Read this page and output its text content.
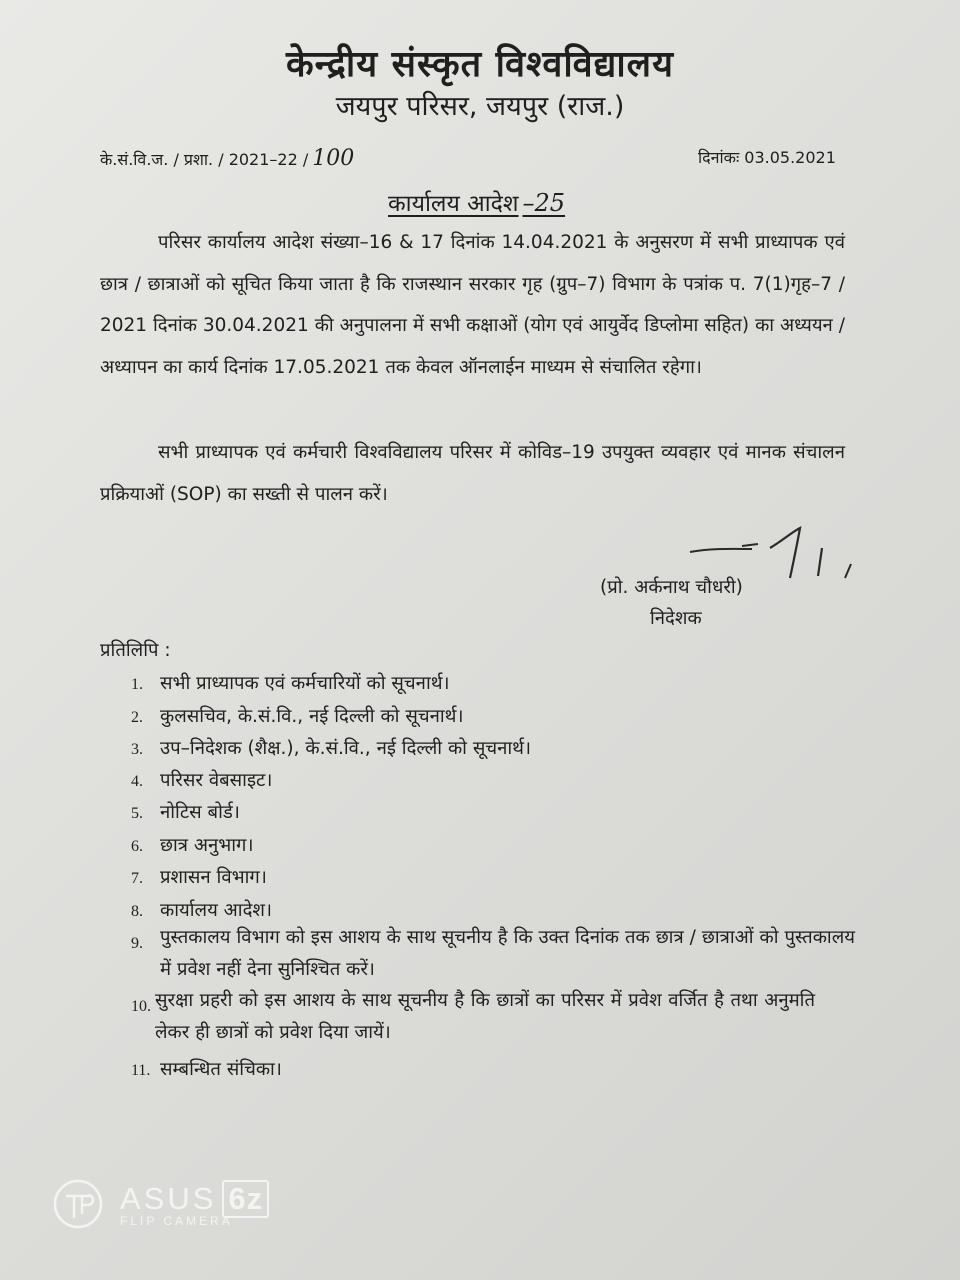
केन्द्रीय संस्कृत विश्वविद्यालय
जयपुर परिसर, जयपुर (राज.)
के.सं.वि.ज. / प्रशा. / 2021–22 / 100	दिनांकः 03.05.2021
कार्यालय आदेश –25
परिसर कार्यालय आदेश संख्या–16 & 17 दिनांक 14.04.2021 के अनुसरण में सभी प्राध्यापक एवं छात्र / छात्राओं को सूचित किया जाता है कि राजस्थान सरकार गृह (ग्रुप–7) विभाग के पत्रांक प. 7(1)गृह–7 / 2021 दिनांक 30.04.2021 की अनुपालना में सभी कक्षाओं (योग एवं आयुर्वेद डिप्लोमा सहित) का अध्ययन / अध्यापन का कार्य दिनांक 17.05.2021 तक केवल ऑनलाईन माध्यम से संचालित रहेगा।
सभी प्राध्यापक एवं कर्मचारी विश्वविद्यालय परिसर में कोविड–19 उपयुक्त व्यवहार एवं मानक संचालन प्रक्रियाओं (SOP) का सख्ती से पालन करें।
(प्रो. अर्कनाथ चौधरी)
निदेशक
प्रतिलिपि :
1. सभी प्राध्यापक एवं कर्मचारियों को सूचनार्थ।
2. कुलसचिव, के.सं.वि., नई दिल्ली को सूचनार्थ।
3. उप–निदेशक (शैक्ष.), के.सं.वि., नई दिल्ली को सूचनार्थ।
4. परिसर वेबसाइट।
5. नोटिस बोर्ड।
6. छात्र अनुभाग।
7. प्रशासन विभाग।
8. कार्यालय आदेश।
9. पुस्तकालय विभाग को इस आशय के साथ सूचनीय है कि उक्त दिनांक तक छात्र / छात्राओं को पुस्तकालय में प्रवेश नहीं देना सुनिश्चित करें।
10. सुरक्षा प्रहरी को इस आशय के साथ सूचनीय है कि छात्रों का परिसर में प्रवेश वर्जित है तथा अनुमति लेकर ही छात्रों को प्रवेश दिया जायें।
11. सम्बन्धित संचिका।
ASUS 6z
FLIP CAMERA
